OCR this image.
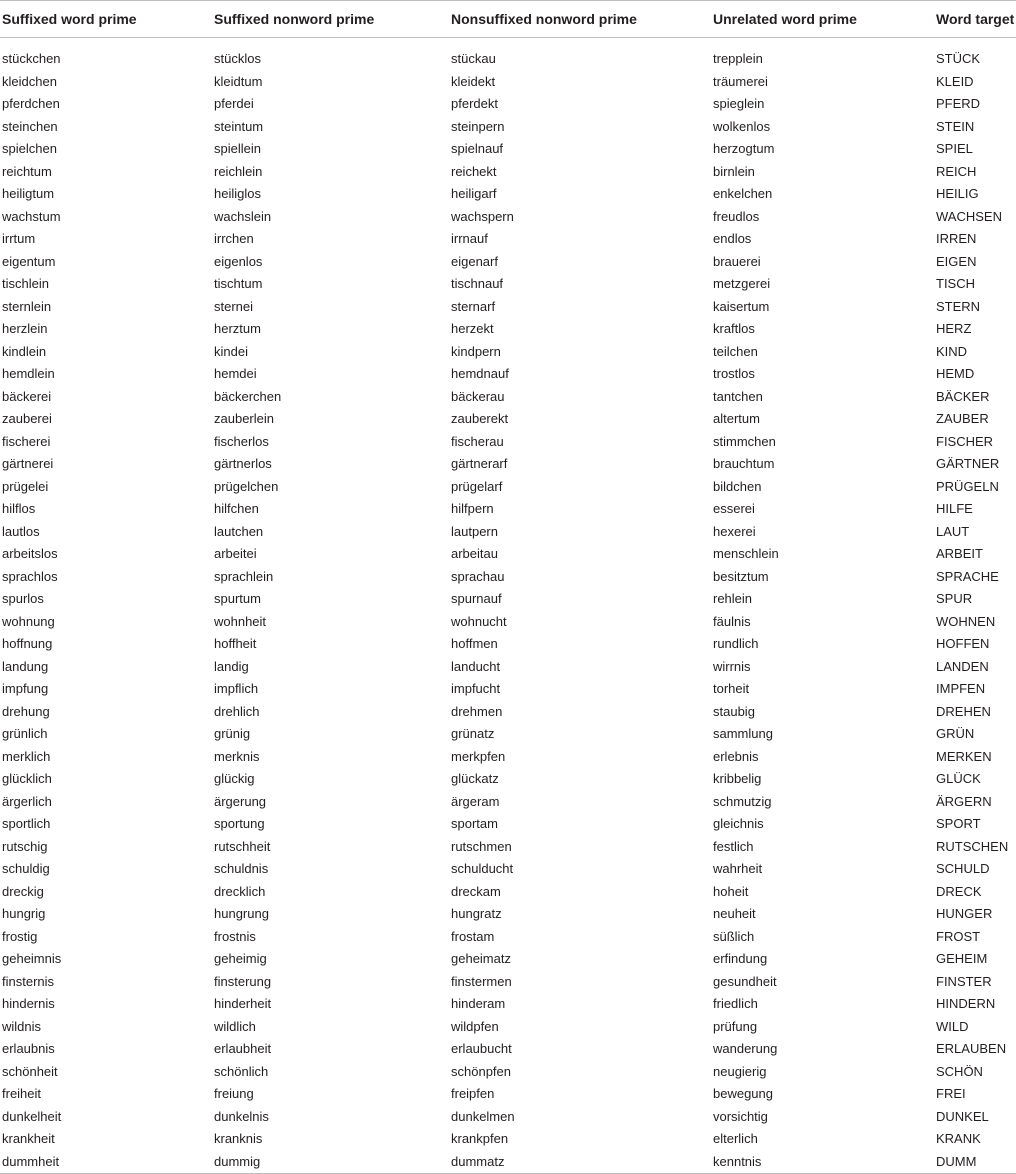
Suffixed word prime	Suffixed nonword prime	Nonsuffixed nonword prime	Unrelated word prime	Word target
stückchen	stücklos	stückau	trepplein	STÜCK
kleidchen	kleidtum	kleidekt	träumerei	KLEID
pferdchen	pferdei	pferdekt	spieglein	PFERD
steinchen	steintum	steinpern	wolkenlos	STEIN
spielchen	spiellein	spielnauf	herzogtum	SPIEL
reichtum	reichlein	reichekt	birnlein	REICH
heiligtum	heiliglos	heiligarf	enkelchen	HEILIG
wachstum	wachslein	wachspern	freudlos	WACHSEN
irrtum	irrchen	irrnauf	endlos	IRREN
eigentum	eigenlos	eigenarf	brauerei	EIGEN
tischlein	tischtum	tischnauf	metzgerei	TISCH
sternlein	sternei	sternarf	kaisertum	STERN
herzlein	herztum	herzekt	kraftlos	HERZ
kindlein	kindei	kindpern	teilchen	KIND
hemdlein	hemdei	hemdnauf	trostlos	HEMD
bäckerei	bäckerchen	bäckerau	tantchen	BÄCKER
zauberei	zauberlein	zauberekt	altertum	ZAUBER
fischerei	fischerlos	fischerau	stimmchen	FISCHER
gärtnerei	gärtnerlos	gärtnerarf	brauchtum	GÄRTNER
prügelei	prügelchen	prügelarf	bildchen	PRÜGELN
hilflos	hilfchen	hilfpern	esserei	HILFE
lautlos	lautchen	lautpern	hexerei	LAUT
arbeitslos	arbeitei	arbeitau	menschlein	ARBEIT
sprachlos	sprachlein	sprachau	besitztum	SPRACHE
spurlos	spurtum	spurnauf	rehlein	SPUR
wohnung	wohnheit	wohnucht	fäulnis	WOHNEN
hoffnung	hoffheit	hoffmen	rundlich	HOFFEN
landung	landig	landucht	wirrnis	LANDEN
impfung	impflich	impfucht	torheit	IMPFEN
drehung	drehlich	drehmen	staubig	DREHEN
grünlich	grünig	grünatz	sammlung	GRÜN
merklich	merknis	merkpfen	erlebnis	MERKEN
glücklich	glückig	glückatz	kribbelig	GLÜCK
ärgerlich	ärgerung	ärgeram	schmutzig	ÄRGERN
sportlich	sportung	sportam	gleichnis	SPORT
rutschig	rutschheit	rutschmen	festlich	RUTSCHEN
schuldig	schuldnis	schulducht	wahrheit	SCHULD
dreckig	drecklich	dreckam	hoheit	DRECK
hungrig	hungrung	hungratz	neuheit	HUNGER
frostig	frostnis	frostam	süßlich	FROST
geheimnis	geheimig	geheimatz	erfindung	GEHEIM
finsternis	finsterung	finstermen	gesundheit	FINSTER
hindernis	hinderheit	hinderam	friedlich	HINDERN
wildnis	wildlich	wildpfen	prüfung	WILD
erlaubnis	erlaubheit	erlaubucht	wanderung	ERLAUBEN
schönheit	schönlich	schönpfen	neugierig	SCHÖN
freiheit	freiung	freipfen	bewegung	FREI
dunkelheit	dunkelnis	dunkelmen	vorsichtig	DUNKEL
krankheit	kranknis	krankpfen	elterlich	KRANK
dummheit	dummig	dummatz	kenntnis	DUMM
